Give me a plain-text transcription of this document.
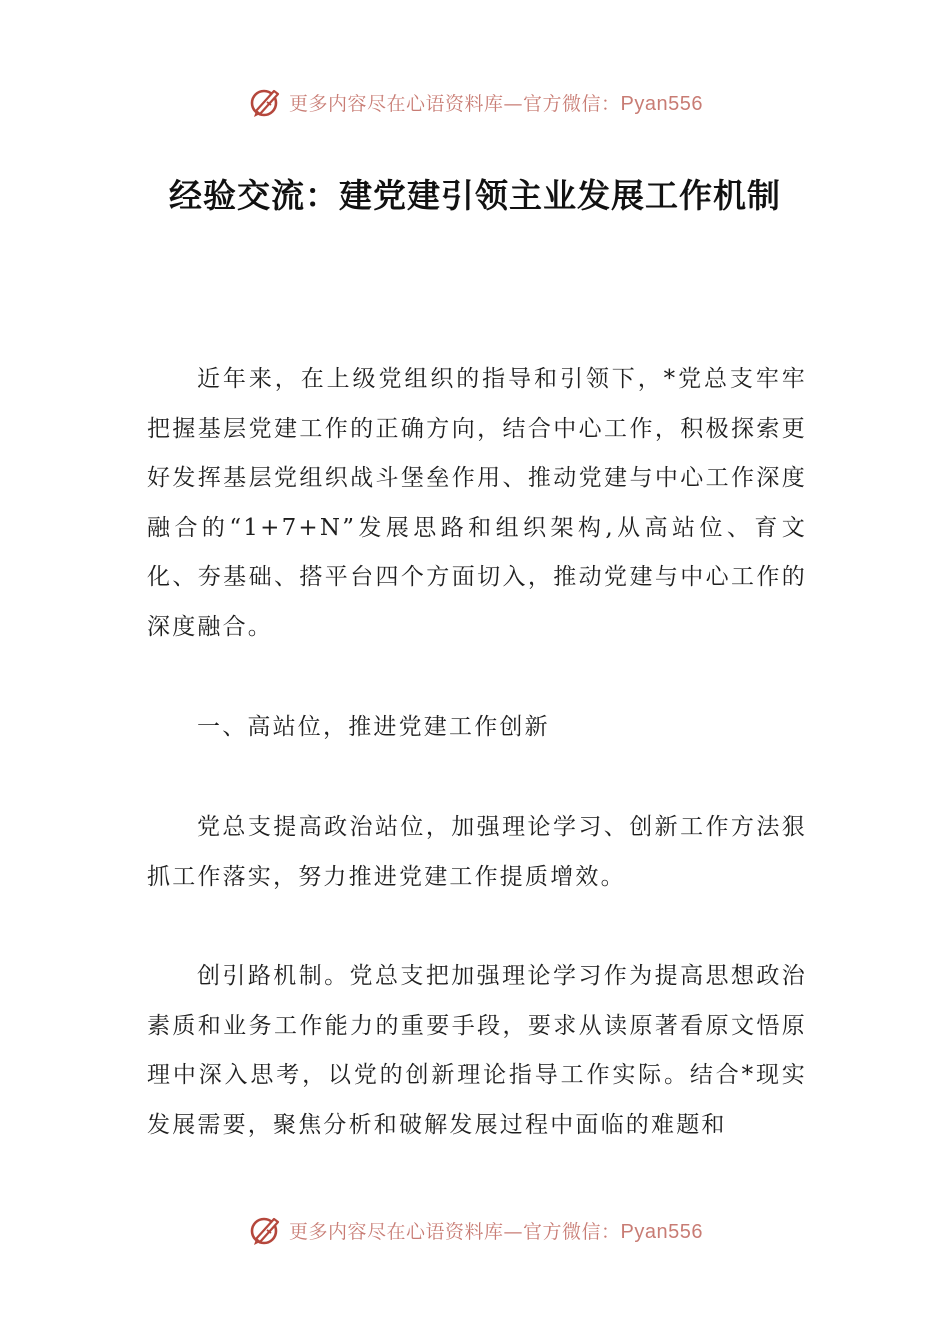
更多内容尽在心语资料库—官方微信：Pyan556
经验交流：建党建引领主业发展工作机制

近年来，在上级党组织的指导和引领下，*党总支牢牢把握基层党建工作的正确方向，结合中心工作，积极探索更好发挥基层党组织战斗堡垒作用、推动党建与中心工作深度融合的“1+7+N”发展思路和组织架构,从高站位、育文化、夯基础、搭平台四个方面切入，推动党建与中心工作的深度融合。

一、高站位，推进党建工作创新

党总支提高政治站位，加强理论学习、创新工作方法狠抓工作落实，努力推进党建工作提质增效。

创引路机制。党总支把加强理论学习作为提高思想政治素质和业务工作能力的重要手段，要求从读原著看原文悟原理中深入思考，以党的创新理论指导工作实际。结合*现实发展需要，聚焦分析和破解发展过程中面临的难题和

更多内容尽在心语资料库—官方微信：Pyan556
